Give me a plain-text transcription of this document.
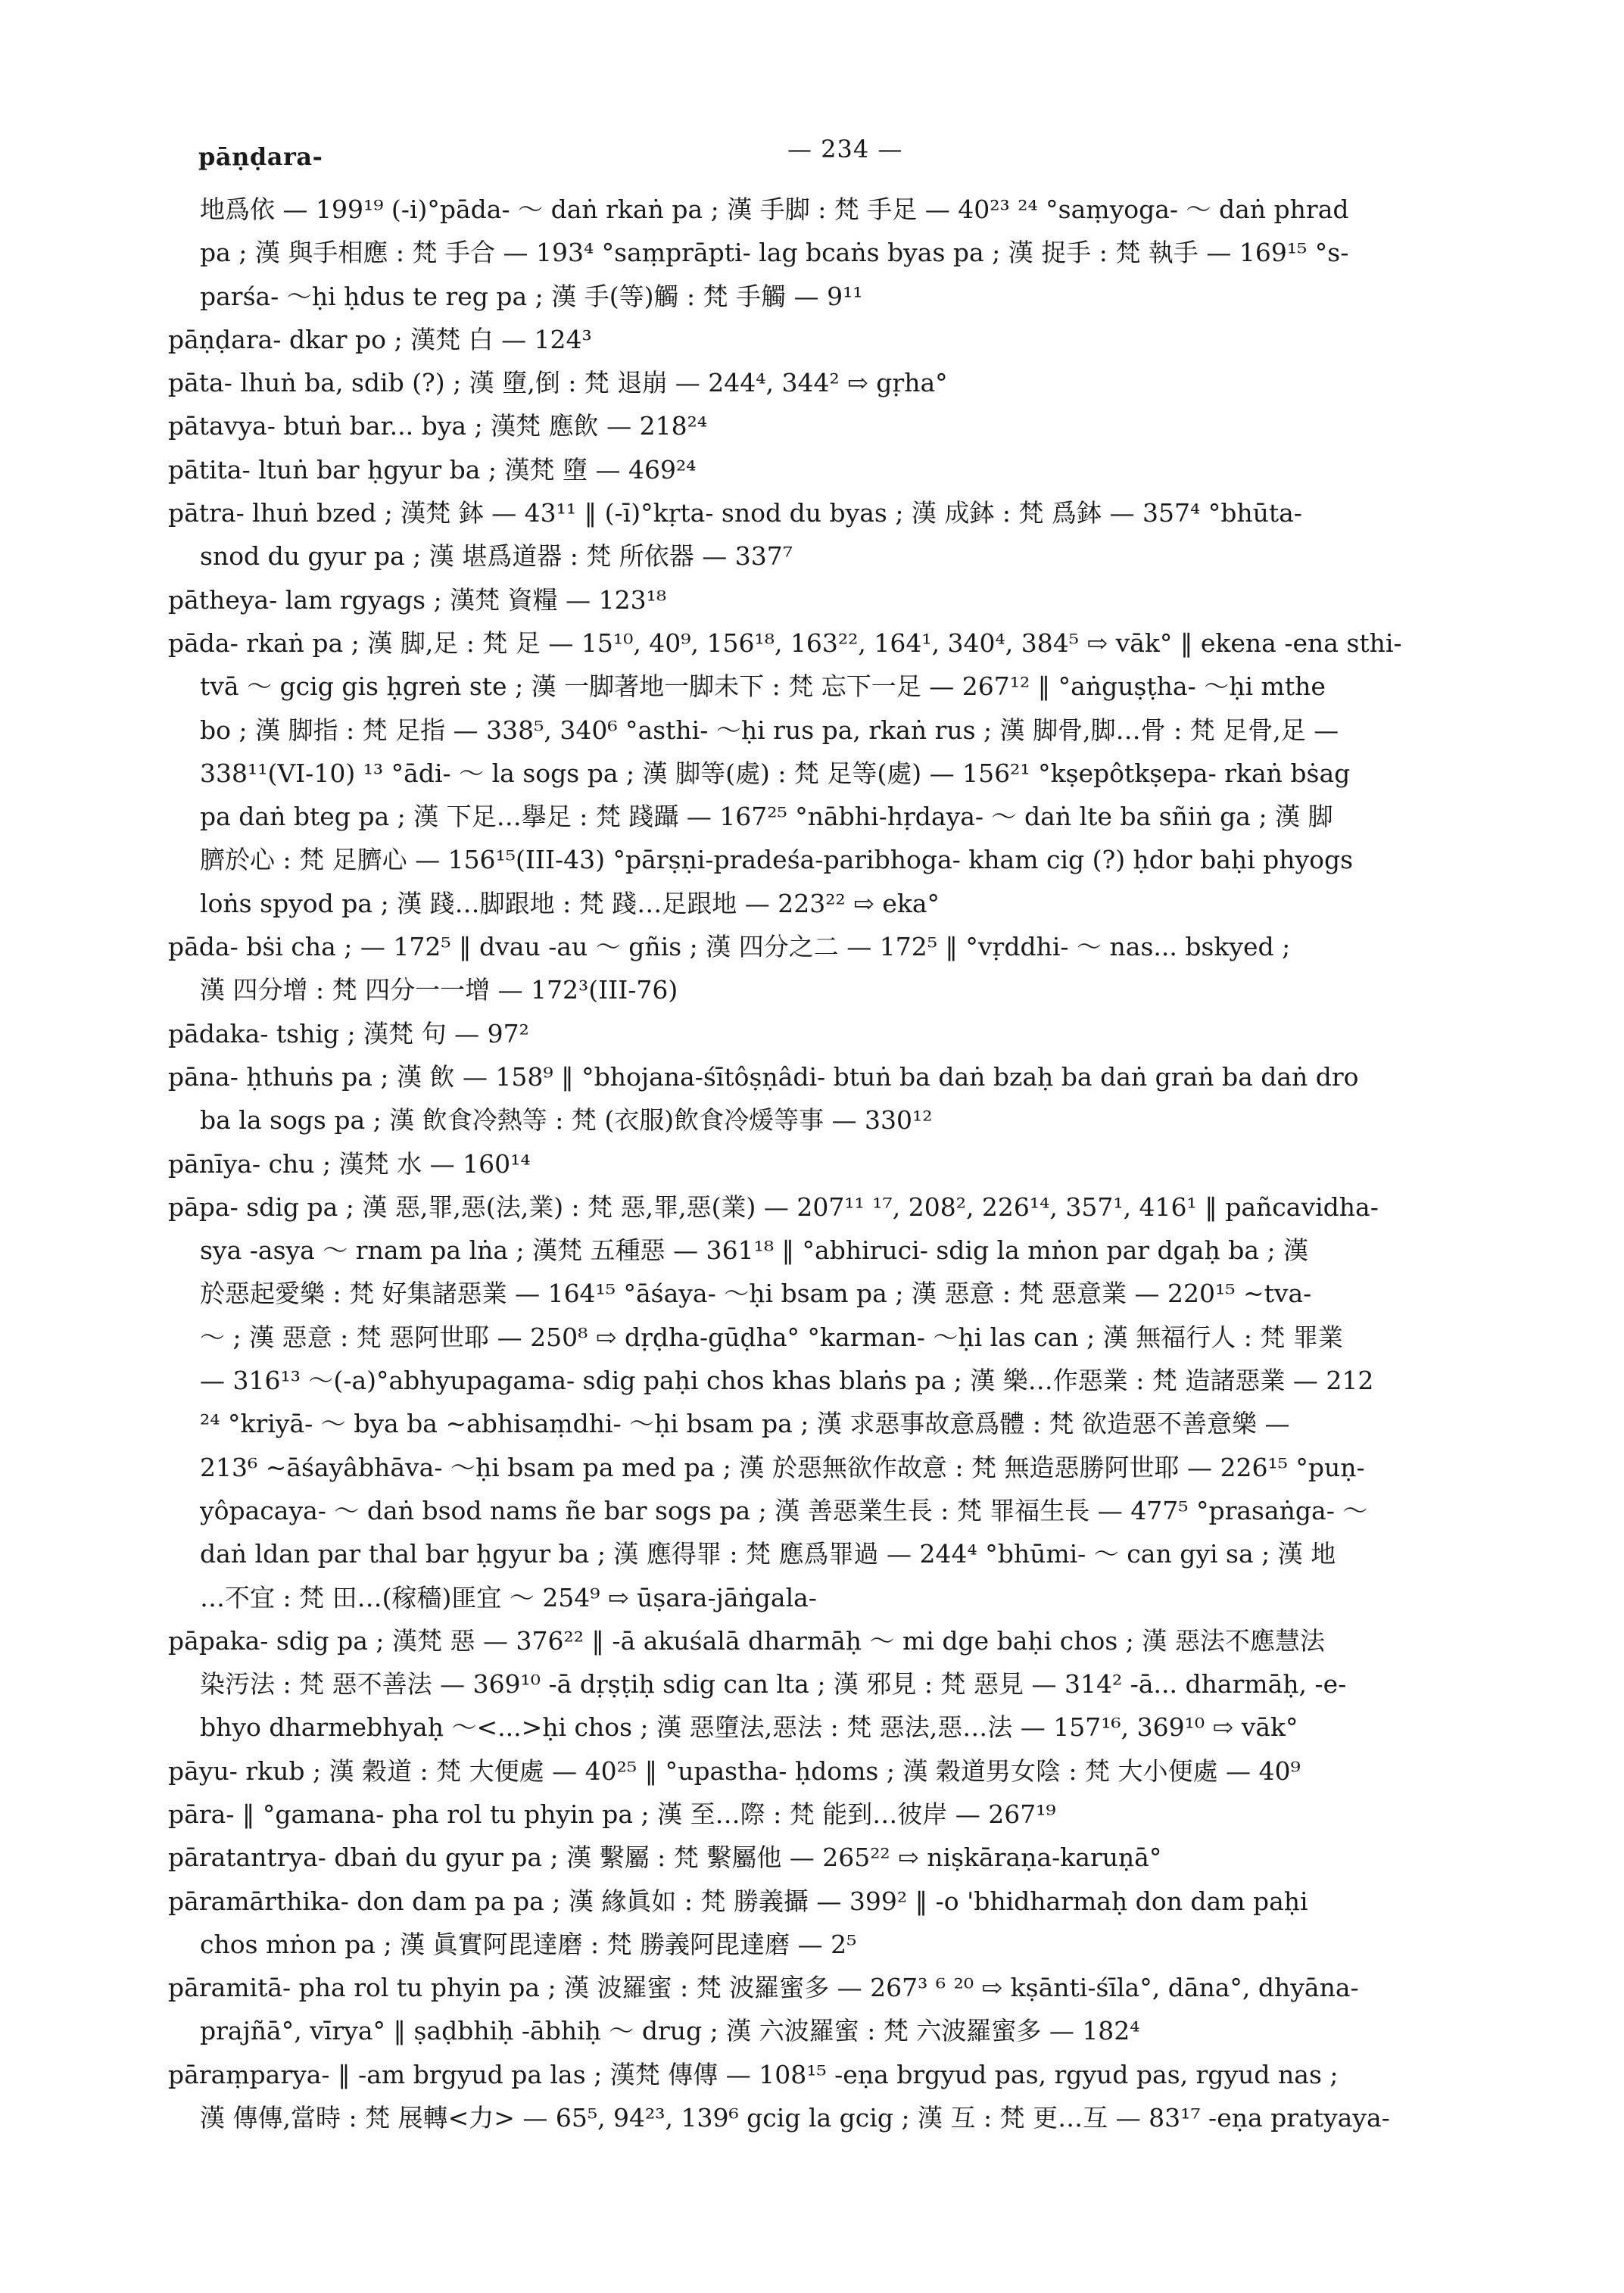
pāṇḍara-	— 234 —

地爲依 — 199¹⁹ (-i)°pāda- ～ daṅ rkaṅ pa ; 漢 手脚 : 梵 手足 — 40²³ ²⁴ °saṃyoga- ～ daṅ phrad

pa ; 漢 與手相應 : 梵 手合 — 193⁴ °saṃprāpti- lag bcaṅs byas pa ; 漢 捉手 : 梵 執手 — 169¹⁵ °s-

parśa- ～ḥi ḥdus te reg pa ; 漢 手(等)觸 : 梵 手觸 — 9¹¹

pāṇḍara- dkar po ; 漢梵 白 — 124³

pāta- lhuṅ ba, sdib (?) ; 漢 墮,倒 : 梵 退崩 — 244⁴, 344² ⇨ gṛha°

pātavya- btuṅ bar... bya ; 漢梵 應飲 — 218²⁴

pātita- ltuṅ bar ḥgyur ba ; 漢梵 墮 — 469²⁴

pātra- lhuṅ bzed ; 漢梵 鉢 — 43¹¹ ‖ (-ī)°kṛta- snod du byas ; 漢 成鉢 : 梵 爲鉢 — 357⁴ °bhūta-

snod du gyur pa ; 漢 堪爲道器 : 梵 所依器 — 337⁷

pātheya- lam rgyags ; 漢梵 資糧 — 123¹⁸

pāda- rkaṅ pa ; 漢 脚,足 : 梵 足 — 15¹⁰, 40⁹, 156¹⁸, 163²², 164¹, 340⁴, 384⁵ ⇨ vāk° ‖ ekena -ena sthi-

tvā ～ gcig gis ḥgreṅ ste ; 漢 一脚著地一脚未下 : 梵 忘下一足 — 267¹² ‖ °aṅguṣṭha- ～ḥi mthe

bo ; 漢 脚指 : 梵 足指 — 338⁵, 340⁶ °asthi- ～ḥi rus pa, rkaṅ rus ; 漢 脚骨,脚…骨 : 梵 足骨,足 —

338¹¹(VI-10) ¹³ °ādi- ～ la sogs pa ; 漢 脚等(處) : 梵 足等(處) — 156²¹ °kṣepôtkṣepa- rkaṅ bṡag

pa daṅ bteg pa ; 漢 下足…擧足 : 梵 踐躡 — 167²⁵ °nābhi-hṛdaya- ～ daṅ lte ba sñiṅ ga ; 漢 脚

臍於心 : 梵 足臍心 — 156¹⁵(III-43) °pārṣṇi-pradeśa-paribhoga- kham cig (?) ḥdor baḥi phyogs

loṅs spyod pa ; 漢 踐…脚跟地 : 梵 踐…足跟地 — 223²² ⇨ eka°

pāda- bṡi cha ; — 172⁵ ‖ dvau -au ～ gñis ; 漢 四分之二 — 172⁵ ‖ °vṛddhi- ～ nas... bskyed ;

漢 四分增 : 梵 四分一一增 — 172³(III-76)

pādaka- tshig ; 漢梵 句 — 97²

pāna- ḥthuṅs pa ; 漢 飲 — 158⁹ ‖ °bhojana-śītôṣṇâdi- btuṅ ba daṅ bzaḥ ba daṅ graṅ ba daṅ dro

ba la sogs pa ; 漢 飲食冷熱等 : 梵 (衣服)飲食冷煖等事 — 330¹²

pānīya- chu ; 漢梵 水 — 160¹⁴

pāpa- sdig pa ; 漢 惡,罪,惡(法,業) : 梵 惡,罪,惡(業) — 207¹¹ ¹⁷, 208², 226¹⁴, 357¹, 416¹ ‖ pañcavidha-

sya -asya ～ rnam pa lṅa ; 漢梵 五種惡 — 361¹⁸ ‖ °abhiruci- sdig la mṅon par dgaḥ ba ; 漢

於惡起愛樂 : 梵 好集諸惡業 — 164¹⁵ °āśaya- ～ḥi bsam pa ; 漢 惡意 : 梵 惡意業 — 220¹⁵ ~tva-

～ ; 漢 惡意 : 梵 惡阿世耶 — 250⁸ ⇨ dṛḍha-gūḍha° °karman- ～ḥi las can ; 漢 無福行人 : 梵 罪業

— 316¹³ ～(-a)°abhyupagama- sdig paḥi chos khas blaṅs pa ; 漢 樂…作惡業 : 梵 造諸惡業 — 212

²⁴ °kriyā- ～ bya ba ~abhisaṃdhi- ～ḥi bsam pa ; 漢 求惡事故意爲體 : 梵 欲造惡不善意樂 —

213⁶ ~āśayâbhāva- ～ḥi bsam pa med pa ; 漢 於惡無欲作故意 : 梵 無造惡勝阿世耶 — 226¹⁵ °puṇ-

yôpacaya- ～ daṅ bsod nams ñe bar sogs pa ; 漢 善惡業生長 : 梵 罪福生長 — 477⁵ °prasaṅga- ～

daṅ ldan par thal bar ḥgyur ba ; 漢 應得罪 : 梵 應爲罪過 — 244⁴ °bhūmi- ～ can gyi sa ; 漢 地

…不宜 : 梵 田…(稼穡)匪宜 ～ 254⁹ ⇨ ūṣara-jāṅgala-

pāpaka- sdig pa ; 漢梵 惡 — 376²² ‖ -ā akuśalā dharmāḥ ～ mi dge baḥi chos ; 漢 惡法不應慧法

染汚法 : 梵 惡不善法 — 369¹⁰ -ā dṛṣṭiḥ sdig can lta ; 漢 邪見 : 梵 惡見 — 314² -ā... dharmāḥ, -e-

bhyo dharmebhyaḥ ～<...>ḥi chos ; 漢 惡墮法,惡法 : 梵 惡法,惡…法 — 157¹⁶, 369¹⁰ ⇨ vāk°

pāyu- rkub ; 漢 穀道 : 梵 大便處 — 40²⁵ ‖ °upastha- ḥdoms ; 漢 穀道男女陰 : 梵 大小便處 — 40⁹

pāra- ‖ °gamana- pha rol tu phyin pa ; 漢 至…際 : 梵 能到…彼岸 — 267¹⁹

pāratantrya- dbaṅ du gyur pa ; 漢 繫屬 : 梵 繫屬他 — 265²² ⇨ niṣkāraṇa-karuṇā°

pāramārthika- don dam pa pa ; 漢 緣眞如 : 梵 勝義攝 — 399² ‖ -o 'bhidharmaḥ don dam paḥi

chos mṅon pa ; 漢 眞實阿毘達磨 : 梵 勝義阿毘達磨 — 2⁵

pāramitā- pha rol tu phyin pa ; 漢 波羅蜜 : 梵 波羅蜜多 — 267³ ⁶ ²⁰ ⇨ kṣānti-śīla°, dāna°, dhyāna-

prajñā°, vīrya° ‖ ṣaḍbhiḥ -ābhiḥ ～ drug ; 漢 六波羅蜜 : 梵 六波羅蜜多 — 182⁴

pāraṃparya- ‖ -am brgyud pa las ; 漢梵 傳傳 — 108¹⁵ -eṇa brgyud pas, rgyud pas, rgyud nas ;

漢 傳傳,當時 : 梵 展轉<力> — 65⁵, 94²³, 139⁶ gcig la gcig ; 漢 互 : 梵 更…互 — 83¹⁷ -eṇa pratyaya-
